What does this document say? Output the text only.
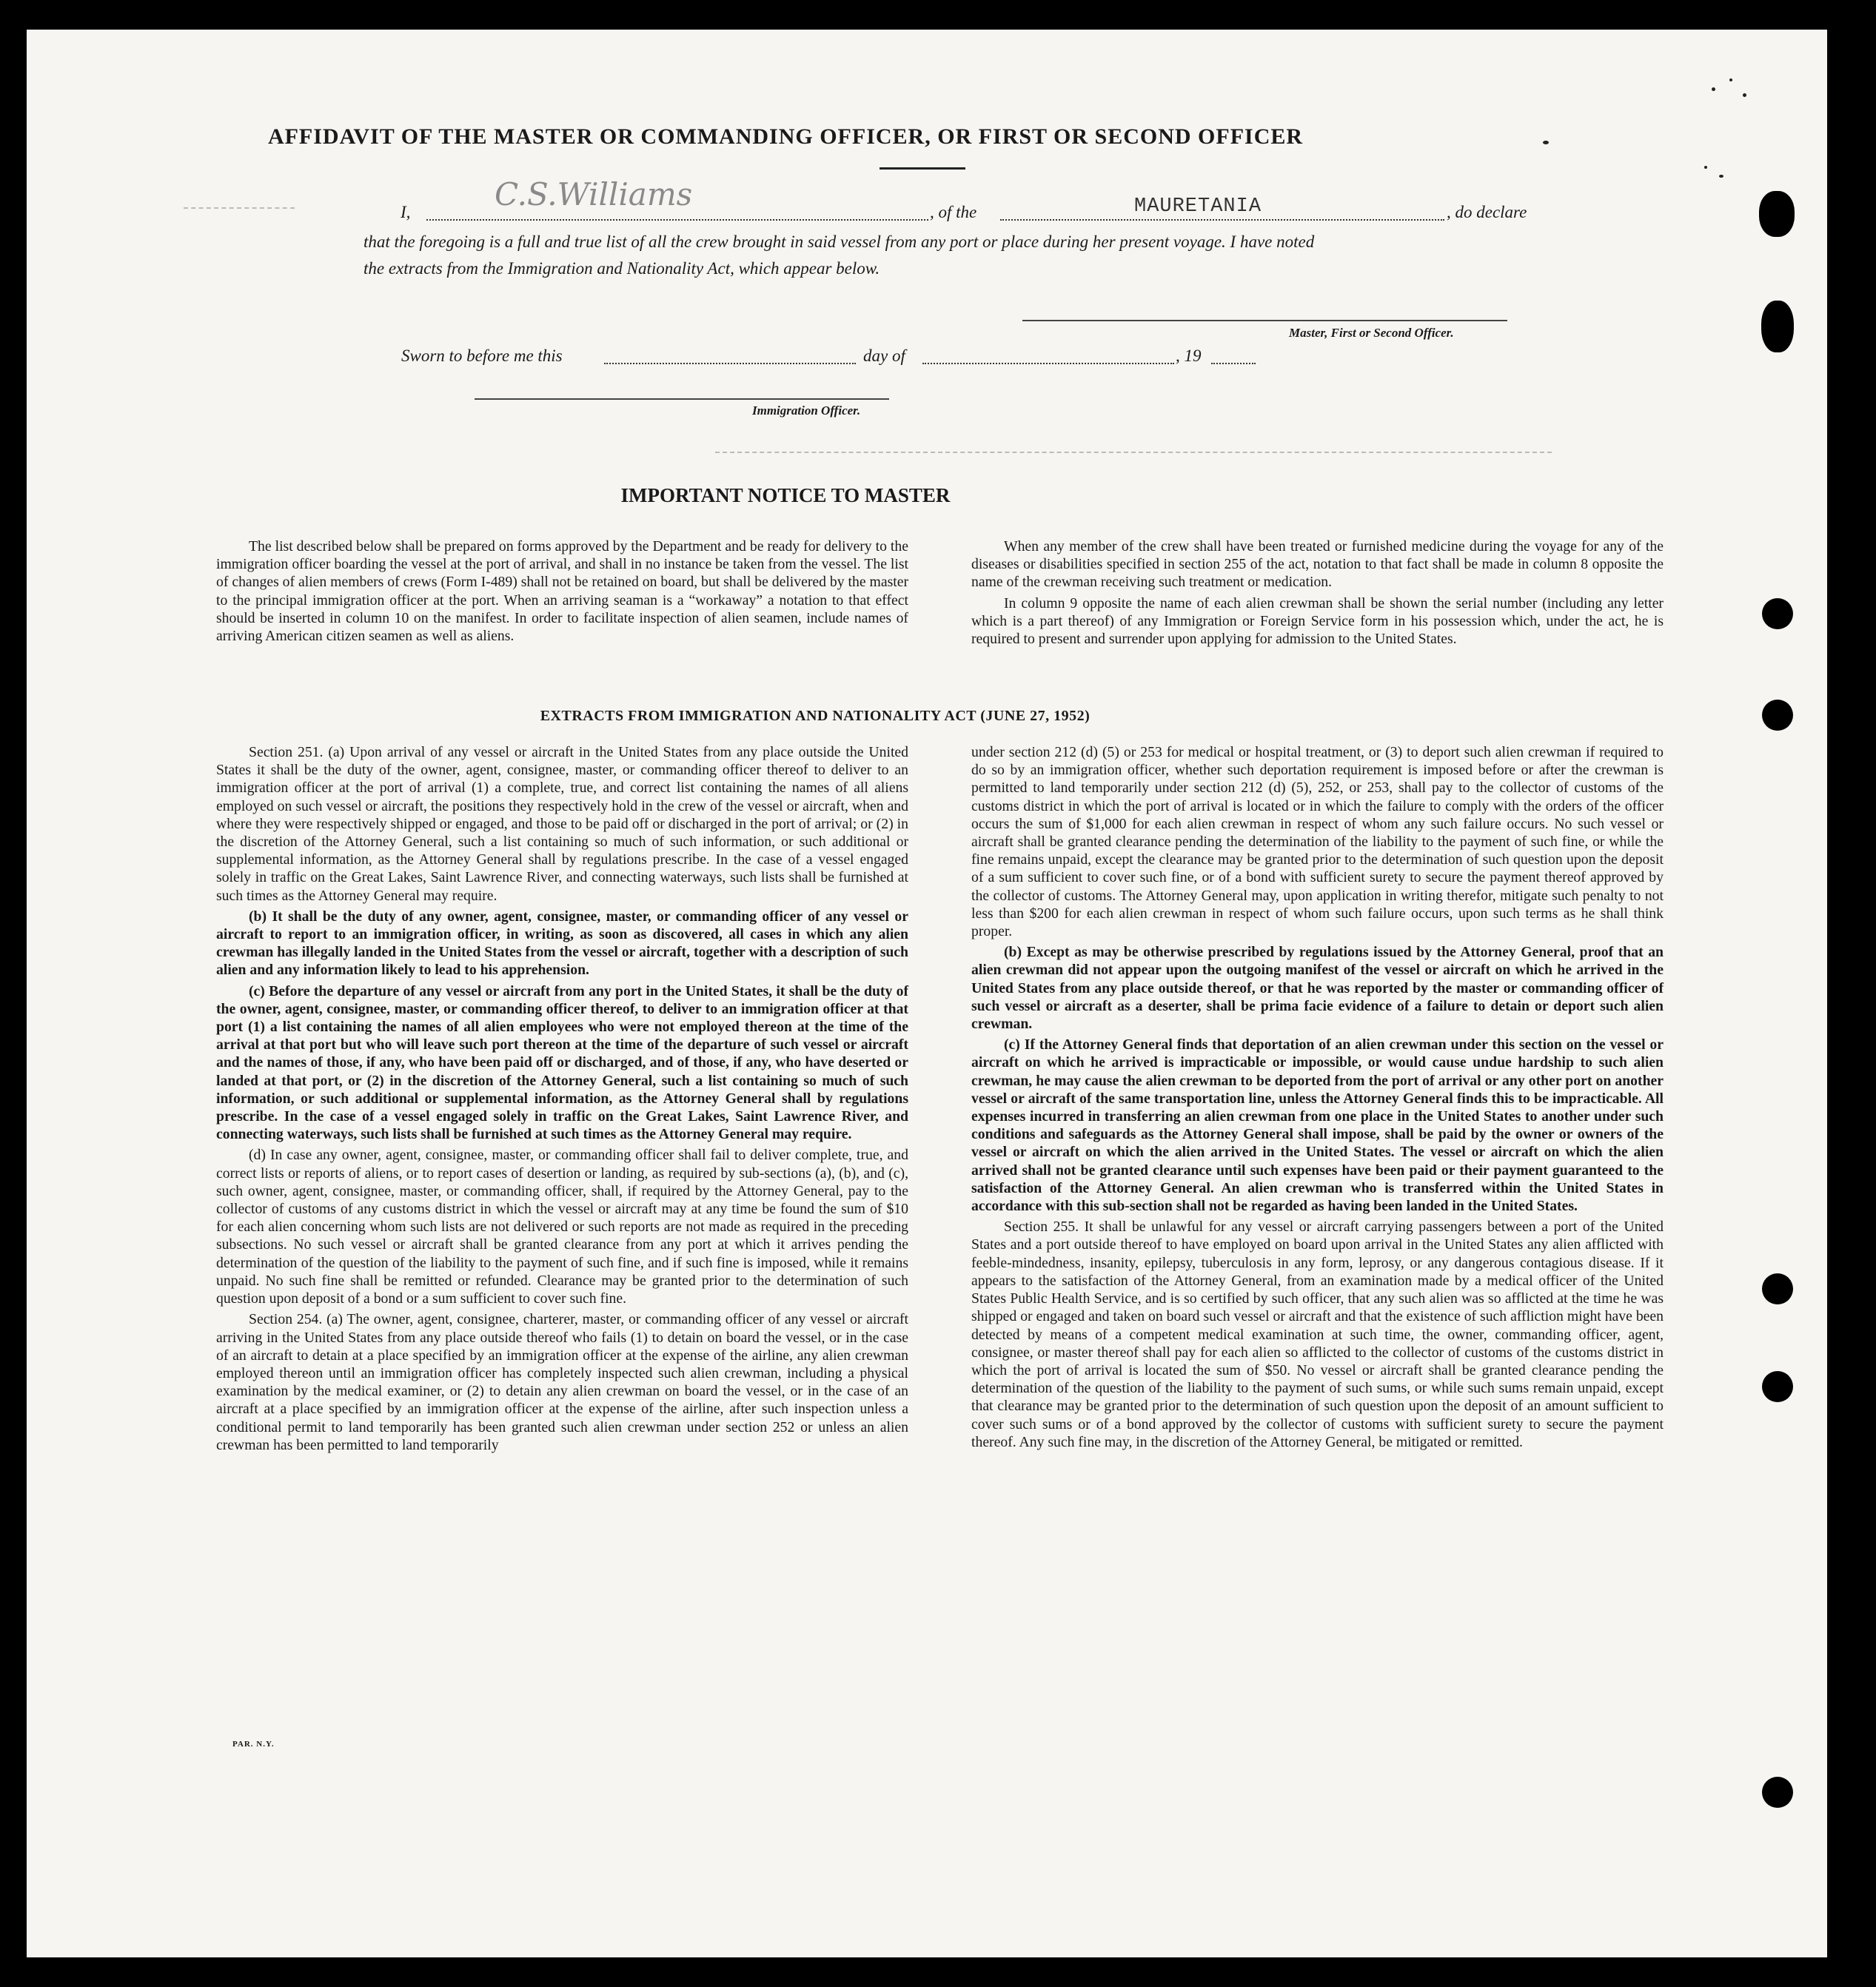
AFFIDAVIT OF THE MASTER OR COMMANDING OFFICER, OR FIRST OR SECOND OFFICER
I,	C.S.Williams	, of the	MAURETANIA	, do declare
that the foregoing is a full and true list of all the crew brought in said vessel from any port or place during her present voyage. I have noted
the extracts from the Immigration and Nationality Act, which appear below.
Master, First or Second Officer.
Sworn to before me this	day of	, 19
Immigration Officer.
IMPORTANT NOTICE TO MASTER

The list described below shall be prepared on forms approved by the Department and be ready for delivery to the immigration officer boarding the vessel at the port of arrival, and shall in no instance be taken from the vessel. The list of changes of alien members of crews (Form I-489) shall not be retained on board, but shall be delivered by the master to the principal immigration officer at the port. When an arriving seaman is a “workaway” a notation to that effect should be inserted in column 10 on the manifest. In order to facilitate inspection of alien seamen, include names of arriving American citizen seamen as well as aliens.

When any member of the crew shall have been treated or furnished medicine during the voyage for any of the diseases or disabilities specified in section 255 of the act, notation to that fact shall be made in column 8 opposite the name of the crewman receiving such treatment or medication.

In column 9 opposite the name of each alien crewman shall be shown the serial number (including any letter which is a part thereof) of any Immigration or Foreign Service form in his possession which, under the act, he is required to present and surrender upon applying for admission to the United States.

EXTRACTS FROM IMMIGRATION AND NATIONALITY ACT (JUNE 27, 1952)

Section 251. (a) Upon arrival of any vessel or aircraft in the United States from any place outside the United States it shall be the duty of the owner, agent, consignee, master, or commanding officer thereof to deliver to an immigration officer at the port of arrival (1) a complete, true, and correct list containing the names of all aliens employed on such vessel or aircraft, the positions they respectively hold in the crew of the vessel or aircraft, when and where they were respectively shipped or engaged, and those to be paid off or discharged in the port of arrival; or (2) in the discretion of the Attorney General, such a list containing so much of such information, or such additional or supplemental information, as the Attorney General shall by regulations prescribe. In the case of a vessel engaged solely in traffic on the Great Lakes, Saint Lawrence River, and connecting waterways, such lists shall be furnished at such times as the Attorney General may require.

(b) It shall be the duty of any owner, agent, consignee, master, or commanding officer of any vessel or aircraft to report to an immigration officer, in writing, as soon as discovered, all cases in which any alien crewman has illegally landed in the United States from the vessel or aircraft, together with a description of such alien and any information likely to lead to his apprehension.

(c) Before the departure of any vessel or aircraft from any port in the United States, it shall be the duty of the owner, agent, consignee, master, or commanding officer thereof, to deliver to an immigration officer at that port (1) a list containing the names of all alien employees who were not employed thereon at the time of the arrival at that port but who will leave such port thereon at the time of the departure of such vessel or aircraft and the names of those, if any, who have been paid off or discharged, and of those, if any, who have deserted or landed at that port, or (2) in the discretion of the Attorney General, such a list containing so much of such information, or such additional or supplemental information, as the Attorney General shall by regulations prescribe. In the case of a vessel engaged solely in traffic on the Great Lakes, Saint Lawrence River, and connecting waterways, such lists shall be furnished at such times as the Attorney General may require.

(d) In case any owner, agent, consignee, master, or commanding officer shall fail to deliver complete, true, and correct lists or reports of aliens, or to report cases of desertion or landing, as required by sub-sections (a), (b), and (c), such owner, agent, consignee, master, or commanding officer, shall, if required by the Attorney General, pay to the collector of customs of any customs district in which the vessel or aircraft may at any time be found the sum of $10 for each alien concerning whom such lists are not delivered or such reports are not made as required in the preceding subsections. No such vessel or aircraft shall be granted clearance from any port at which it arrives pending the determination of the question of the liability to the payment of such fine, and if such fine is imposed, while it remains unpaid. No such fine shall be remitted or refunded. Clearance may be granted prior to the determination of such question upon deposit of a bond or a sum sufficient to cover such fine.

Section 254. (a) The owner, agent, consignee, charterer, master, or commanding officer of any vessel or aircraft arriving in the United States from any place outside thereof who fails (1) to detain on board the vessel, or in the case of an aircraft to detain at a place specified by an immigration officer at the expense of the airline, any alien crewman employed thereon until an immigration officer has completely inspected such alien crewman, including a physical examination by the medical examiner, or (2) to detain any alien crewman on board the vessel, or in the case of an aircraft at a place specified by an immigration officer at the expense of the airline, after such inspection unless a conditional permit to land temporarily has been granted such alien crewman under section 252 or unless an alien crewman has been permitted to land temporarily

under section 212 (d) (5) or 253 for medical or hospital treatment, or (3) to deport such alien crewman if required to do so by an immigration officer, whether such deportation requirement is imposed before or after the crewman is permitted to land temporarily under section 212 (d) (5), 252, or 253, shall pay to the collector of customs of the customs district in which the port of arrival is located or in which the failure to comply with the orders of the officer occurs the sum of $1,000 for each alien crewman in respect of whom any such failure occurs. No such vessel or aircraft shall be granted clearance pending the determination of the liability to the payment of such fine, or while the fine remains unpaid, except the clearance may be granted prior to the determination of such question upon the deposit of a sum sufficient to cover such fine, or of a bond with sufficient surety to secure the payment thereof approved by the collector of customs. The Attorney General may, upon application in writing therefor, mitigate such penalty to not less than $200 for each alien crewman in respect of whom such failure occurs, upon such terms as he shall think proper.

(b) Except as may be otherwise prescribed by regulations issued by the Attorney General, proof that an alien crewman did not appear upon the outgoing manifest of the vessel or aircraft on which he arrived in the United States from any place outside thereof, or that he was reported by the master or commanding officer of such vessel or aircraft as a deserter, shall be prima facie evidence of a failure to detain or deport such alien crewman.

(c) If the Attorney General finds that deportation of an alien crewman under this section on the vessel or aircraft on which he arrived is impracticable or impossible, or would cause undue hardship to such alien crewman, he may cause the alien crewman to be deported from the port of arrival or any other port on another vessel or aircraft of the same transportation line, unless the Attorney General finds this to be impracticable. All expenses incurred in transferring an alien crewman from one place in the United States to another under such conditions and safeguards as the Attorney General shall impose, shall be paid by the owner or owners of the vessel or aircraft on which the alien arrived in the United States. The vessel or aircraft on which the alien arrived shall not be granted clearance until such expenses have been paid or their payment guaranteed to the satisfaction of the Attorney General. An alien crewman who is transferred within the United States in accordance with this sub-section shall not be regarded as having been landed in the United States.

Section 255. It shall be unlawful for any vessel or aircraft carrying passengers between a port of the United States and a port outside thereof to have employed on board upon arrival in the United States any alien afflicted with feeble-mindedness, insanity, epilepsy, tuberculosis in any form, leprosy, or any dangerous contagious disease. If it appears to the satisfaction of the Attorney General, from an examination made by a medical officer of the United States Public Health Service, and is so certified by such officer, that any such alien was so afflicted at the time he was shipped or engaged and taken on board such vessel or aircraft and that the existence of such affliction might have been detected by means of a competent medical examination at such time, the owner, commanding officer, agent, consignee, or master thereof shall pay for each alien so afflicted to the collector of customs of the customs district in which the port of arrival is located the sum of $50. No vessel or aircraft shall be granted clearance pending the determination of the question of the liability to the payment of such sums, or while such sums remain unpaid, except that clearance may be granted prior to the determination of such question upon the deposit of an amount sufficient to cover such sums or of a bond approved by the collector of customs with sufficient surety to secure the payment thereof. Any such fine may, in the discretion of the Attorney General, be mitigated or remitted.

PAR. N.Y.
